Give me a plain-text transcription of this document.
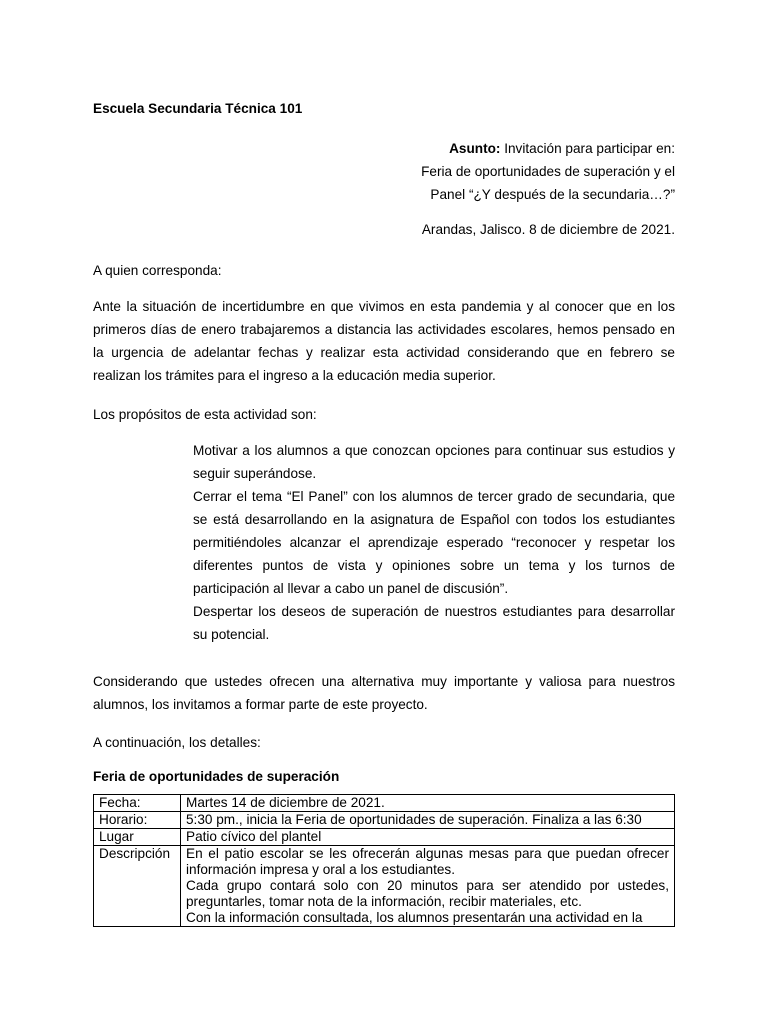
Escuela Secundaria Técnica 101
Asunto: Invitación para participar en:
Feria de oportunidades de superación y el
Panel “¿Y después de la secundaria…?”
Arandas, Jalisco. 8 de diciembre de 2021.

A quien corresponda:

Ante la situación de incertidumbre en que vivimos en esta pandemia y al conocer que en los primeros días de enero trabajaremos a distancia las actividades escolares, hemos pensado en la urgencia de adelantar fechas y realizar esta actividad considerando que en febrero se realizan los trámites para el ingreso a la educación media superior.

Los propósitos de esta actividad son:

Motivar a los alumnos a que conozcan opciones para continuar sus estudios y seguir superándose.
Cerrar el tema “El Panel” con los alumnos de tercer grado de secundaria, que se está desarrollando en la asignatura de Español con todos los estudiantes permitiéndoles alcanzar el aprendizaje esperado “reconocer y respetar los diferentes puntos de vista y opiniones sobre un tema y los turnos de participación al llevar a cabo un panel de discusión”.
Despertar los deseos de superación de nuestros estudiantes para desarrollar su potencial.

Considerando que ustedes ofrecen una alternativa muy importante y valiosa para nuestros alumnos, los invitamos a formar parte de este proyecto.

A continuación, los detalles:

Feria de oportunidades de superación
Fecha:	Martes 14 de diciembre de 2021.
Horario:	5:30 pm., inicia la Feria de oportunidades de superación. Finaliza a las 6:30
Lugar	Patio cívico del plantel
Descripción	En el patio escolar se les ofrecerán algunas mesas para que puedan ofrecer información impresa y oral a los estudiantes.
Cada grupo contará solo con 20 minutos para ser atendido por ustedes, preguntarles, tomar nota de la información, recibir materiales, etc.
Con la información consultada, los alumnos presentarán una actividad en la
